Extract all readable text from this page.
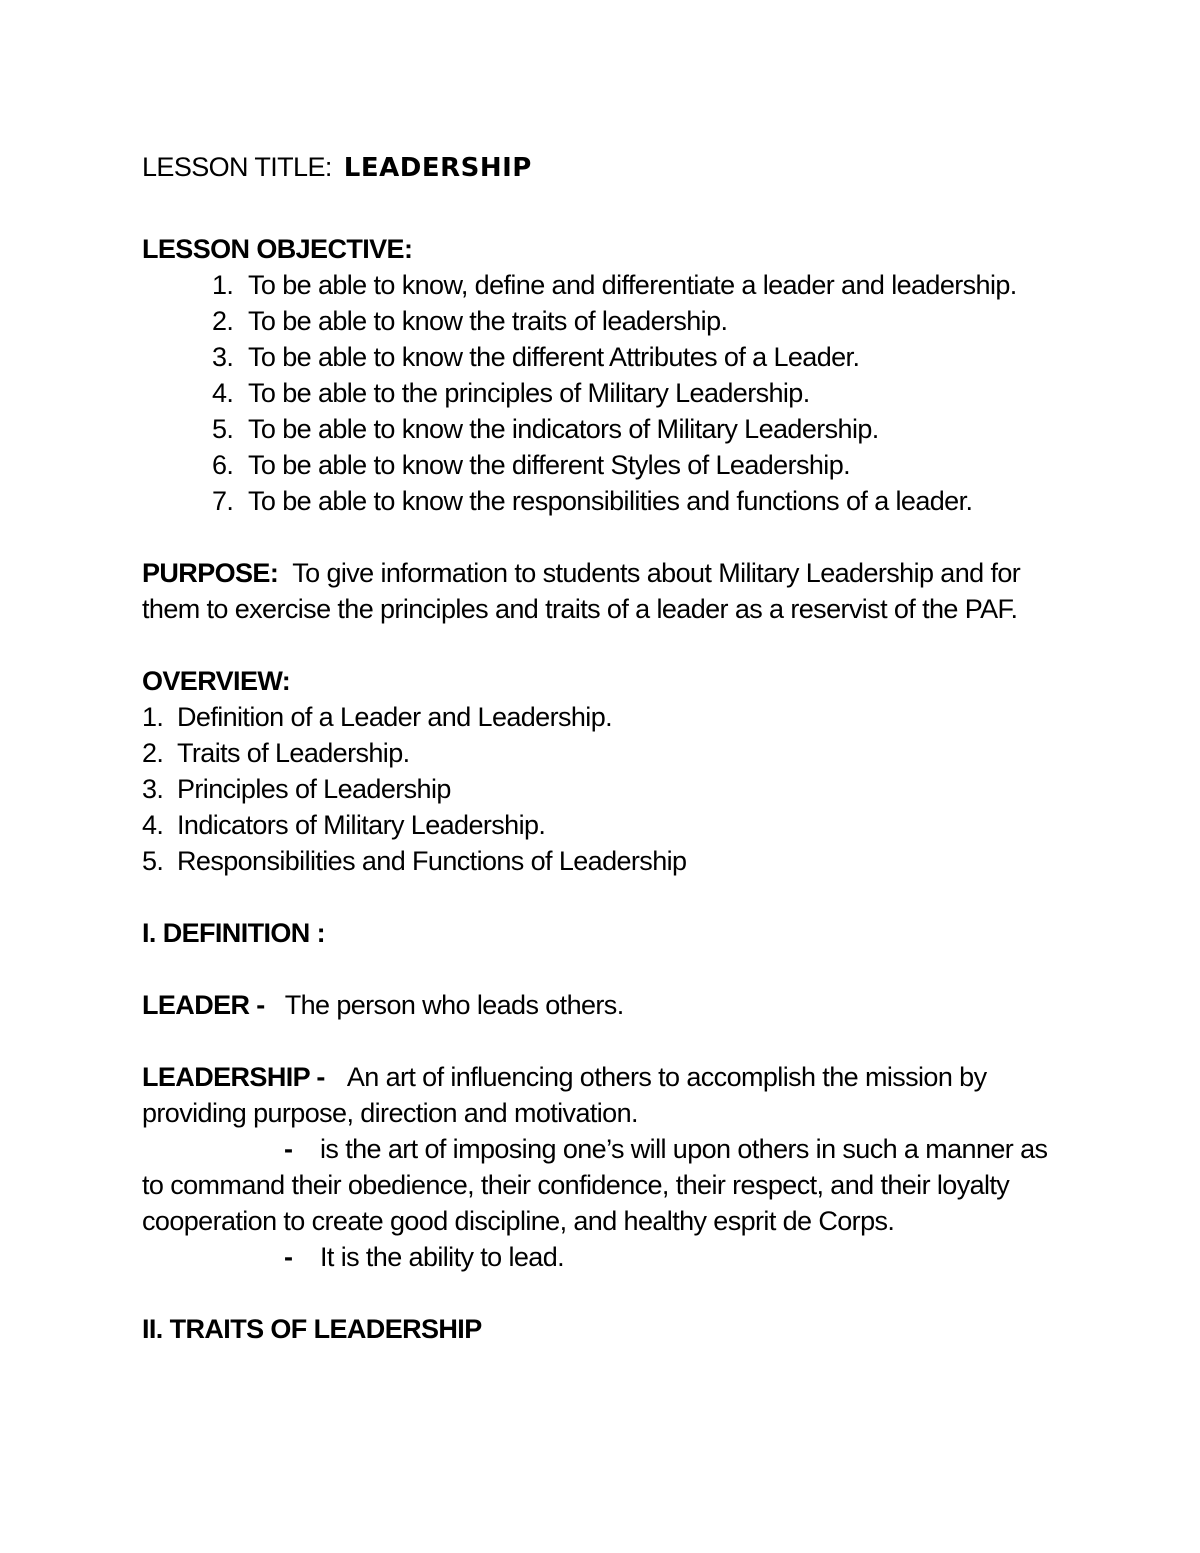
LESSON TITLE: LEADERSHIP
LESSON OBJECTIVE:
1. To be able to know, define and differentiate a leader and leadership.
2. To be able to know the traits of leadership.
3. To be able to know the different Attributes of a Leader.
4. To be able to the principles of Military Leadership.
5. To be able to know the indicators of Military Leadership.
6. To be able to know the different Styles of Leadership.
7. To be able to know the responsibilities and functions of a leader.
PURPOSE: To give information to students about Military Leadership and for
them to exercise the principles and traits of a leader as a reservist of the PAF.
OVERVIEW:
1. Definition of a Leader and Leadership.
2. Traits of Leadership.
3. Principles of Leadership
4. Indicators of Military Leadership.
5. Responsibilities and Functions of Leadership
I. DEFINITION :
LEADER - The person who leads others.
LEADERSHIP - An art of influencing others to accomplish the mission by
providing purpose, direction and motivation.
- is the art of imposing one’s will upon others in such a manner as
to command their obedience, their confidence, their respect, and their loyalty
cooperation to create good discipline, and healthy esprit de Corps.
- It is the ability to lead.
II. TRAITS OF LEADERSHIP
